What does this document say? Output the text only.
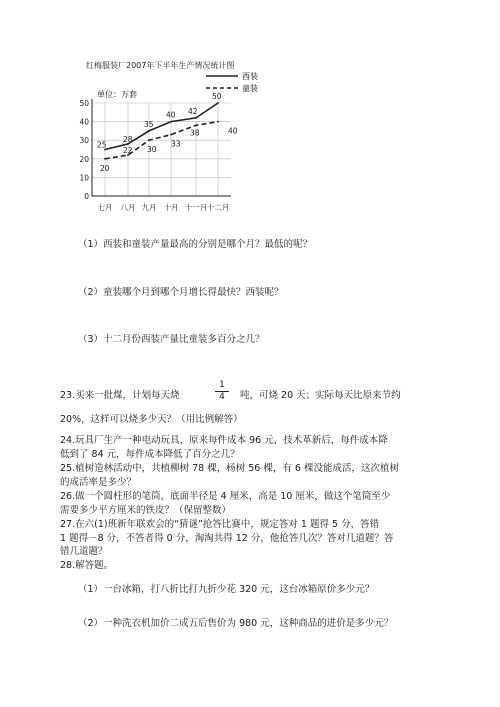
红梅服装厂2007年下半年生产情况统计图
0
10
20
30
40
50
七月 八月 九月 十月 十一月 十二月
25
28
35
40 42
50
20
22 30
33
38	40
西装
童装
单位：万套
（1）西装和童装产量最高的分别是哪个月？最低的呢？
（2）童装哪个月到哪个月增长得最快？西装呢？
（3）十二月份西装产量比童装多百分之几？
23.买来一批煤，计划每天烧	$\frac{1}{4}$ 吨，可烧 20 天；实际每天比原来节约
20%，这样可以烧多少天？（用比例解答）
24.玩具厂生产一种电动玩具，原来每件成本 96 元，技术革新后，每件成本降
低到了 84 元，每件成本降低了百分之几？
25.植树造林活动中，共植柳树 78 棵，杨树 56 棵，有 6 棵没能成活，这次植树
的成活率是多少？
26.做一个圆柱形的笔筒，底面半径是 4 厘米，高是 10 厘米，做这个笔筒至少
需要多少平方厘米的铁皮？（保留整数）
27.在六(1)班新年联欢会的“猜谜”抢答比赛中，规定答对 1 题得 5 分，答错
1 题得－8 分，不答者得 0 分，淘淘共得 12 分，他抢答几次？答对几道题？答
错几道题？
28.解答题。
（1）一台冰箱，打八折比打九折少花 320 元，这台冰箱原价多少元？
（2）一种洗衣机加价二成五后售价为 980 元，这种商品的进价是多少元？
